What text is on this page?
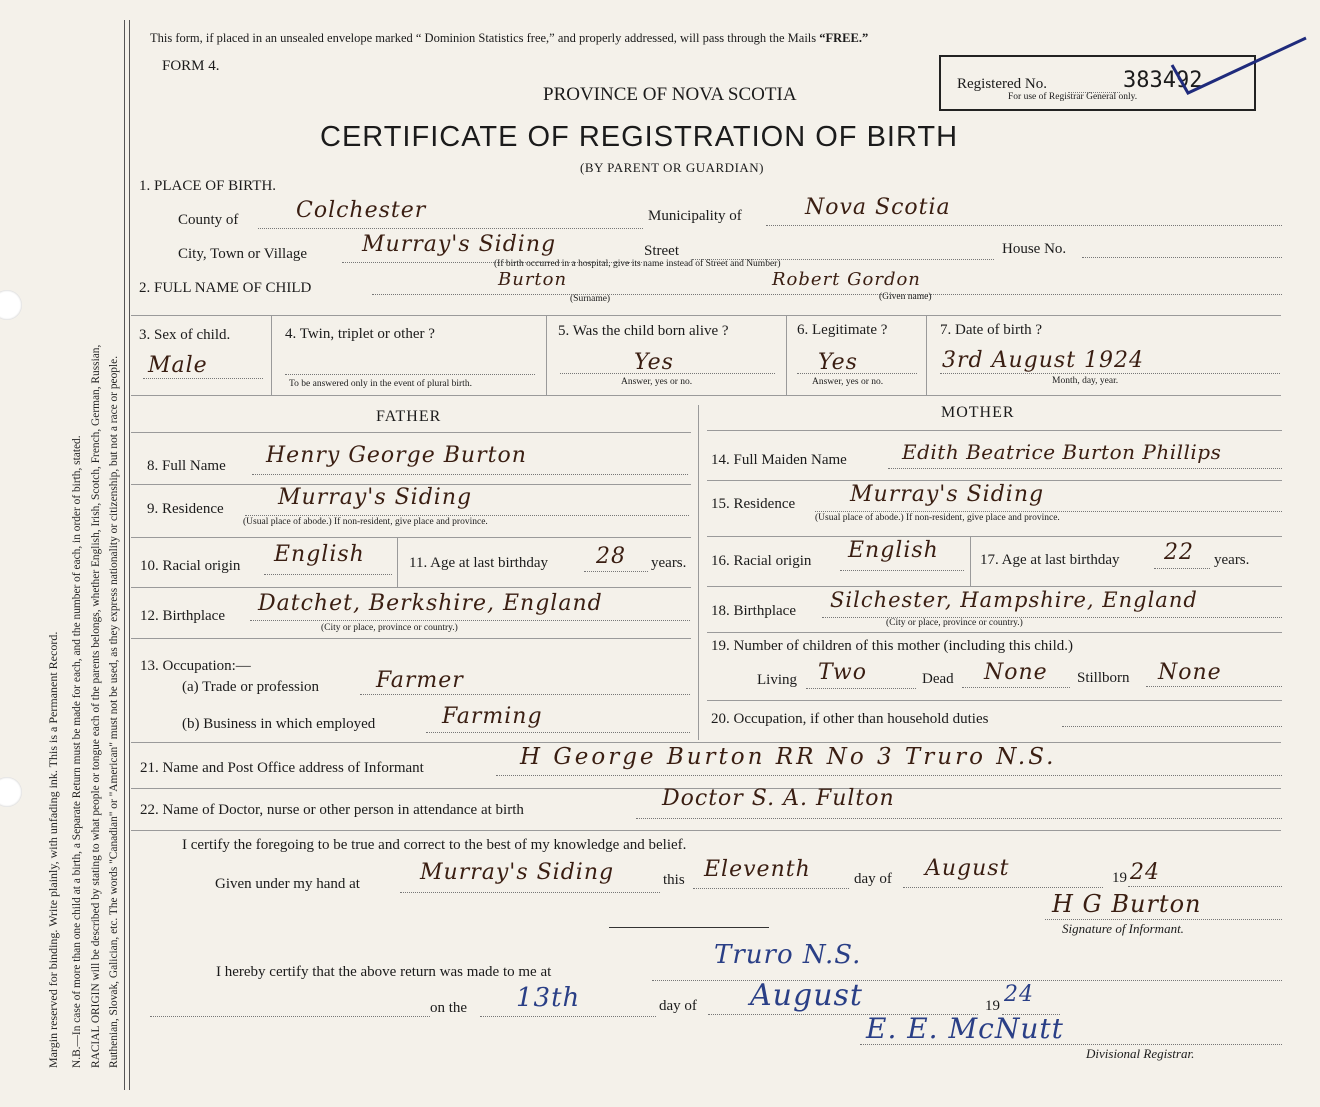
Margin reserved for binding. Write plainly, with unfading ink. This is a Permanent Record. N.B.—In case of more than one child at a birth, a Separate Return must be made for each, and the number of each, in order of birth, stated. RACIAL ORIGIN will be described by stating to what people or tongue each of the parents belongs, whether English, Irish, Scotch, French, German, Russian, Ruthenian, Slovak, Galician, etc. The words "Canadian" or "American" must not be used, as they express nationality or citizenship, but not a race or people.
This form, if placed in an unsealed envelope marked “ Dominion Statistics free,” and properly addressed, will pass through the Mails “FREE.”
FORM 4.
PROVINCE OF NOVA SCOTIA
CERTIFICATE OF REGISTRATION OF BIRTH
(BY PARENT OR GUARDIAN)
Registered No.	383492
For use of Registrar General only.
1. PLACE OF BIRTH.
County of	Colchester	Municipality of	Nova Scotia
City, Town or Village Murray's Siding	Street	House No.
(If birth occurred in a hospital, give its name instead of Street and Number)
2. FULL NAME OF CHILD	Burton
(Surname)
Robert Gordon
(Given name)
3. Sex of child.
Male
4. Twin, triplet or other ?
To be answered only in the event of plural birth.
5. Was the child born alive ?
Yes
Answer, yes or no.
6. Legitimate ?
Yes
Answer, yes or no.
7. Date of birth ?
3rd August 1924
Month, day, year.
FATHER	MOTHER
8. Full Name Henry George Burton
9. Residence Murray's Siding
(Usual place of abode.) If non-resident, give place and province.
10. Racial origin English	11. Age at last birthday 28 years.
12. Birthplace Datchet, Berkshire, England
(City or place, province or country.)
13. Occupation:—
(a) Trade or profession	Farmer
(b) Business in which employed	Farming
14. Full Maiden Name	Edith Beatrice Burton Phillips
15. Residence Murray's Siding
(Usual place of abode.) If non-resident, give place and province.
16. Racial origin English	17. Age at last birthday 22 years.
18. Birthplace Silchester, Hampshire, England
(City or place, province or country.)
19. Number of children of this mother (including this child.)
Living Two	Dead None Stillborn None
20. Occupation, if other than household duties
21. Name and Post Office address of Informant	H George Burton RR No 3 Truro N.S.
22. Name of Doctor, nurse or other person in attendance at birth	Doctor S. A. Fulton
I certify the foregoing to be true and correct to the best of my knowledge and belief.
Given under my hand at	Murray's Siding	this Eleventh	day of August	19 24
H G Burton
Signature of Informant.
I hereby certify that the above return was made to me at
Truro N.S.
on the 13th	day of August	19 24
E. E. McNutt
Divisional Registrar.
